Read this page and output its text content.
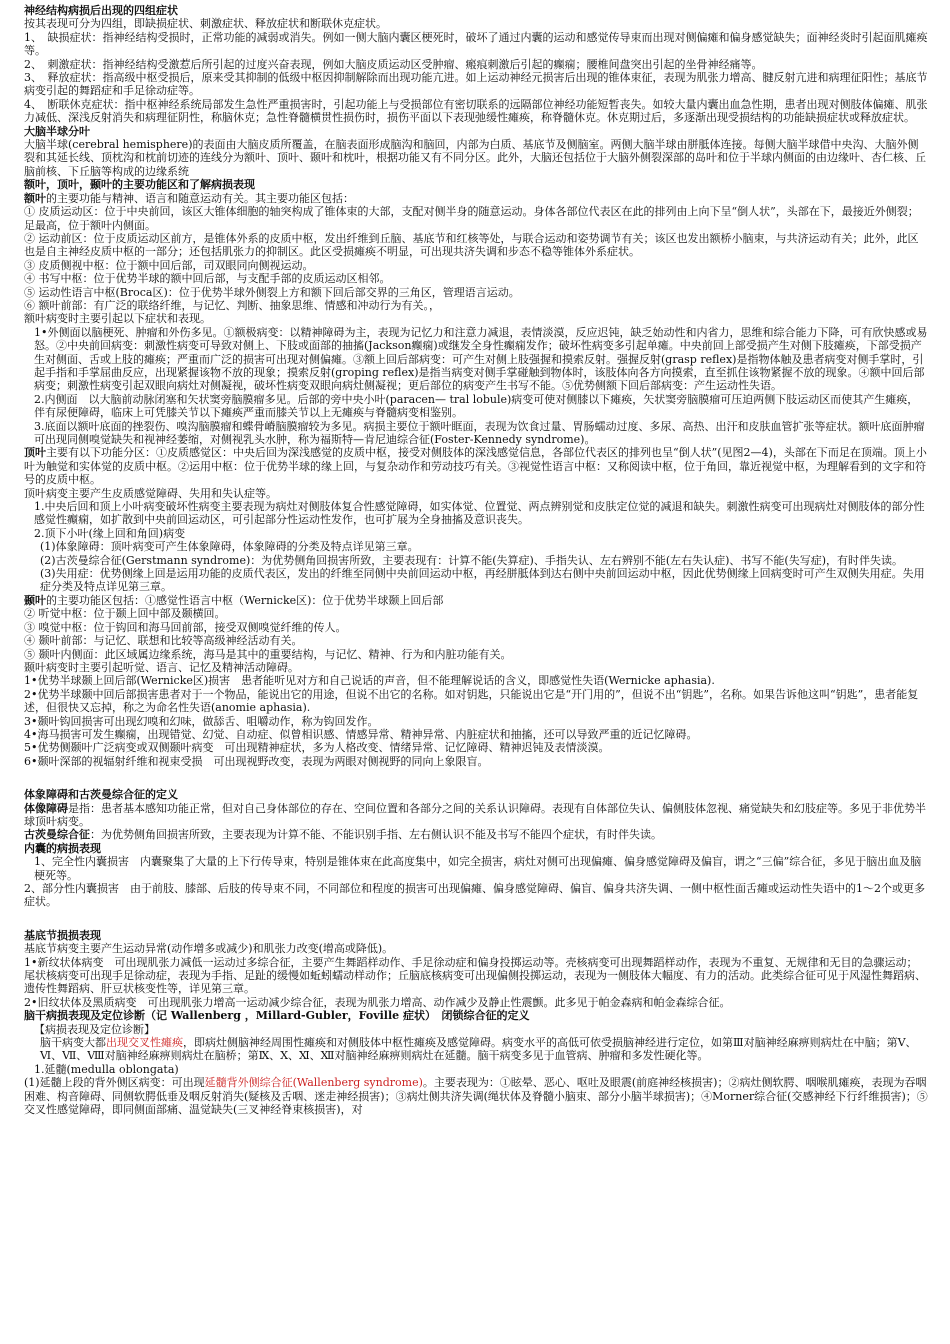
神经结构病损后出现的四组症状

按其表现可分为四组，即缺损症状、刺激症状、释放症状和断联休克症状。

1、　缺损症状：指神经结构受损时，正常功能的减弱或消失。例如一侧大脑内囊区梗死时，破坏了通过内囊的运动和感觉传导束而出现对侧偏瘫和偏身感觉缺失；面神经炎时引起面肌瘫痪等。

2、　刺激症状：指神经结构受激惹后所引起的过度兴奋表现，例如大脑皮质运动区受肿瘤、瘢痕刺激后引起的癫痫；腰椎间盘突出引起的坐骨神经痛等。

3、　释放症状：指高级中枢受损后，原来受其抑制的低级中枢因抑制解除而出现功能亢进。如上运动神经元损害后出现的锥体束征，表现为肌张力增高、腱反射亢进和病理征阳性；基底节病变引起的舞蹈症和手足徐动症等。

4、　断联休克症状：指中枢神经系统局部发生急性严重损害时，引起功能上与受损部位有密切联系的远隔部位神经功能短暂丧失。如较大量内囊出血急性期，患者出现对侧肢体偏瘫、肌张力减低、深浅反射消失和病理征阴性，称脑休克；急性脊髓横贯性损伤时，损伤平面以下表现弛缓性瘫痪，称脊髓休克。休克期过后，多逐渐出现受损结构的功能缺损症状或释放症状。

大脑半球分叶

大脑半球(cerebral hemisphere)的表面由大脑皮质所覆盖，在脑表面形成脑沟和脑回，内部为白质、基底节及侧脑室。两侧大脑半球由胼胝体连接。每侧大脑半球借中央沟、大脑外侧裂和其延长线、顶枕沟和枕前切迹的连线分为额叶、顶叶、颞叶和枕叶，根据功能又有不同分区。此外，大脑还包括位于大脑外侧裂深部的岛叶和位于半球内侧面的由边缘叶、杏仁核、丘脑前核、下丘脑等构成的边缘系统

额叶，顶叶，颞叶的主要功能区和了解病损表现

额叶的主要功能与精神、语言和随意运动有关。其主要功能区包括：

① 皮质运动区：位于中央前回，该区大锥体细胞的轴突构成了锥体束的大部，支配对侧半身的随意运动。身体各部位代表区在此的排列由上向下呈“倒人状”，头部在下，最接近外侧裂；足最高，位于额叶内侧面。

② 运动前区：位于皮质运动区前方，是锥体外系的皮质中枢，发出纤维到丘脑、基底节和红核等处，与联合运动和姿势调节有关；该区也发出额桥小脑束，与共济运动有关；此外，此区也是自主神经皮质中枢的一部分；还包括肌张力的抑制区。此区受损瘫痪不明显，可出现共济失调和步态不稳等锥体外系症状。

③ 皮质侧视中枢：位于额中回后部，司双眼同向侧视运动。

④ 书写中枢：位于优势半球的额中回后部，与支配手部的皮质运动区相邻。

⑤ 运动性语言中枢(Broca区)：位于优势半球外侧裂上方和额下回后部交界的三角区，管理语言运动。

⑥ 额叶前部：有广泛的联络纤维，与记忆、判断、抽象思维、情感和冲动行为有关。，

额叶病变时主要引起以下症状和表现。

1•外侧面以脑梗死、肿瘤和外伤多见。①额极病变：以精神障碍为主，表现为记忆力和注意力减退，表情淡漠，反应迟钝，缺乏始动性和内省力，思维和综合能力下降，可有欣快感或易怒。②中央前回病变：刺激性病变可导致对侧上、下肢或面部的抽搐(Jackson癫痫)或继发全身性癫痫发作；破坏性病变多引起单瘫。中央前回上部受损产生对侧下肢瘫痪，下部受损产生对侧面、舌或上肢的瘫痪；严重而广泛的损害可出现对侧偏瘫。③额上回后部病变：可产生对侧上肢强握和摸索反射。强握反射(grasp reflex)是指物体触及患者病变对侧手掌时，引起手指和手掌屈曲反应，出现紧握该物不放的现象；摸索反射(groping reflex)是指当病变对侧手掌碰触到物体时，该肢体向各方向摸索，直至抓住该物紧握不放的现象。④额中回后部病变；刺激性病变引起双眼向病灶对侧凝视，破坏性病变双眼向病灶侧凝视；更后部位的病变产生书写不能。⑤优势侧额下回后部病变：产生运动性失语。

2.内侧面　以大脑前动脉闭塞和矢状窦旁脑膜瘤多见。后部的旁中央小叶(paracen— tral lobule)病变可使对侧膝以下瘫痪，矢状窦旁脑膜瘤可压迫两侧下肢运动区而使其产生瘫痪，伴有尿便障碍，临床上可凭膝关节以下瘫痪严重而膝关节以上无瘫痪与脊髓病变相鉴别。

3.底面以额叶底面的挫裂伤、嗅沟脑膜瘤和蝶骨嵴脑膜瘤较为多见。病损主要位于额叶眶面，表现为饮食过量、胃肠蠕动过度、多尿、高热、出汗和皮肤血管扩张等症状。额叶底面肿瘤可出现同侧嗅觉缺失和视神经萎缩，对侧视乳头水肿，称为福斯特—肯尼迪综合征(Foster-Kennedy syndrome)。

顶叶主要有以下功能分区：①皮质感觉区：中央后回为深浅感觉的皮质中枢，接受对侧肢体的深浅感觉信息，各部位代表区的排列也呈“倒人状”(见图2—4)，头部在下而足在顶端。顶上小叶为触觉和实体觉的皮质中枢。②运用中枢：位于优势半球的缘上回，与复杂动作和劳动技巧有关。③视觉性语言中枢：又称阅读中枢，位于角回，靠近视觉中枢，为理解看到的文字和符号的皮质中枢。

顶叶病变主要产生皮质感觉障碍、失用和失认症等。

1.中央后回和顶上小叶病变破坏性病变主要表现为病灶对侧肢体复合性感觉障碍，如实体觉、位置觉、两点辨别觉和皮肤定位觉的减退和缺失。刺激性病变可出现病灶对侧肢体的部分性感觉性癫痫，如扩散到中央前回运动区，可引起部分性运动性发作，也可扩展为全身抽搐及意识丧失。

2.顶下小叶(缘上回和角回)病变

(1)体象障碍：顶叶病变可产生体象障碍，体象障碍的分类及特点详见第三章。

(2)古茨曼综合征(Gerstmann syndrome)：为优势侧角回损害所致，主要表现有：计算不能(失算症)、手指失认、左右辨别不能(左右失认症)、书写不能(失写症)，有时伴失读。

(3)失用症：优势侧缘上回是运用功能的皮质代表区，发出的纤维至同侧中央前回运动中枢，再经胼胝体到达右侧中央前回运动中枢，因此优势侧缘上回病变时可产生双侧失用症。失用症分类及特点详见第三章。

颞叶的主要功能区包括：①感觉性语言中枢（Wernicke区)：位于优势半球颞上回后部

② 听觉中枢：位于颞上回中部及颞横回。

③ 嗅觉中枢：位于钩回和海马回前部，接受双侧嗅觉纤维的传人。

④ 颞叶前部：与记忆、联想和比较等高级神经活动有关。

⑤ 颞叶内侧面：此区域属边缘系统，海马是其中的重要结构，与记忆、精神、行为和内脏功能有关。

颞叶病变时主要引起听觉、语言、记忆及精神活动障碍。

1•优势半球颞上回后部(Wernicke区)损害　患者能听见对方和自己说话的声音，但不能理解说话的含义，即感觉性失语(Wernicke aphasia).

2•优势半球颞中回后部损害患者对于一个物品，能说出它的用途，但说不出它的名称。如对钥匙，只能说出它是“开门用的”，但说不出“钥匙”，名称。如果告诉他这叫“钥匙”，患者能复述，但很快又忘掉，称之为命名性失语(anomie aphasia).

3•颞叶钩回损害可出现幻嗅和幻味，做舔舌、咀嚼动作，称为钩回发作。

4•海马损害可发生癫痫，出现错觉、幻觉、自动症、似曾相识感、情感异常、精神异常、内脏症状和抽搐，还可以导致严重的近记忆障碍。

5•优势侧颞叶广泛病变或双侧颞叶病变　可出现精神症状，多为人格改变、情绪异常、记忆障碍、精神迟钝及表情淡漠。

6•颞叶深部的视辐射纤维和视束受损　可出现视野改变，表现为两眼对侧视野的同向上象限盲。

体象障碍和古茨曼综合征的定义

体像障碍是指：患者基本感知功能正常，但对自己身体部位的存在、空间位置和各部分之间的关系认识障碍。表现有自体部位失认、偏侧肢体忽视、痛觉缺失和幻肢症等。多见于非优势半球顶叶病变。

古茨曼综合征：为优势侧角回损害所致，主要表现为计算不能、不能识别手指、左右侧认识不能及书写不能四个症状，有时伴失读。

内囊的病损表现

1、完全性内囊损害　内囊聚集了大量的上下行传导束，特别是锥体束在此高度集中，如完全损害，病灶对侧可出现偏瘫、偏身感觉障碍及偏盲，谓之“三偏”综合征，多见于脑出血及脑梗死等。

2、部分性内囊损害　由于前肢、膝部、后肢的传导束不同，不同部位和程度的损害可出现偏瘫、偏身感觉障碍、偏盲、偏身共济失调、一侧中枢性面舌瘫或运动性失语中的1～2个或更多症状。

基底节损损表现

基底节病变主要产生运动异常(动作增多或减少)和肌张力改变(增高或降低)。

1•新纹状体病变　可出现肌张力减低一运动过多综合征，主要产生舞蹈样动作、手足徐动症和偏身投掷运动等。壳核病变可出现舞蹈样动作，表现为不重复、无规律和无目的急骤运动；尾状核病变可出现手足徐动症，表现为手指、足趾的缓慢如蚯蚓蠕动样动作；丘脑底核病变可出现偏侧投掷运动，表现为一侧肢体大幅度、有力的活动。此类综合征可见于风湿性舞蹈病、遗传性舞蹈病、肝豆状核变性等，详见第三章。

2•旧纹状体及黑质病变　可出现肌张力增高一运动减少综合征，表现为肌张力增高、动作减少及静止性震颤。此多见于帕金森病和帕金森综合征。

脑干病损表现及定位诊断（记 Wallenberg ，Millard-Gubler，Foville 症状）　闭锁综合征的定义

【病损表现及定位诊断】

脑干病变大都出现交叉性瘫痪，即病灶侧脑神经周围性瘫痪和对侧肢体中枢性瘫痪及感觉障碍。病变水平的高低可依受损脑神经进行定位，如第Ⅲ对脑神经麻痹则病灶在中脑；第Ⅴ、Ⅵ、Ⅶ、Ⅷ对脑神经麻痹则病灶在脑桥；第Ⅸ、Ⅹ、Ⅺ、Ⅻ对脑神经麻痹则病灶在延髓。脑干病变多见于血管病、肿瘤和多发性硬化等。

1.延髓(medulla oblongata)

(1)延髓上段的背外侧区病变：可出现延髓背外侧综合征(Wallenberg syndrome)。主要表现为：①眩晕、恶心、呕吐及眼震(前庭神经核损害)；②病灶侧软腭、咽喉肌瘫痪，表现为吞咽困难、构音障碍、同侧软腭低垂及咽反射消失(疑核及舌咽、迷走神经损害)；③病灶侧共济失调(绳状体及脊髓小脑束、部分小脑半球损害)；④Morner综合征(交感神经下行纤维损害)；⑤交叉性感觉障碍，即同侧面部痛、温觉缺失(三叉神经脊束核损害)，对
